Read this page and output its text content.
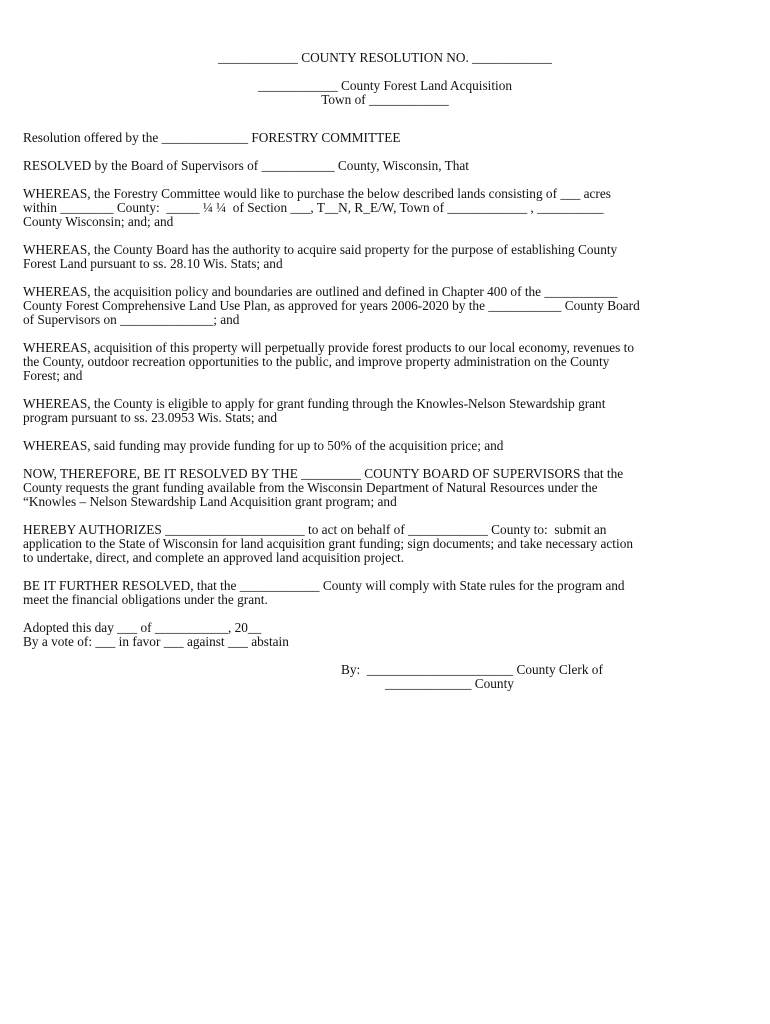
____________ COUNTY RESOLUTION NO. ____________
____________ County Forest Land Acquisition
Town of ____________
Resolution offered by the _____________ FORESTRY COMMITTEE
RESOLVED by the Board of Supervisors of ___________ County, Wisconsin, That
WHEREAS, the Forestry Committee would like to purchase the below described lands consisting of ___ acres
within ________ County:  _____ ¼ ¼  of Section ___, T__N, R_E/W, Town of ____________ , __________
County Wisconsin; and; and
WHEREAS, the County Board has the authority to acquire said property for the purpose of establishing County
Forest Land pursuant to ss. 28.10 Wis. Stats; and
WHEREAS, the acquisition policy and boundaries are outlined and defined in Chapter 400 of the ___________
County Forest Comprehensive Land Use Plan, as approved for years 2006-2020 by the ___________ County Board
of Supervisors on ______________; and
WHEREAS, acquisition of this property will perpetually provide forest products to our local economy, revenues to
the County, outdoor recreation opportunities to the public, and improve property administration on the County
Forest; and
WHEREAS, the County is eligible to apply for grant funding through the Knowles-Nelson Stewardship grant
program pursuant to ss. 23.0953 Wis. Stats; and
WHEREAS, said funding may provide funding for up to 50% of the acquisition price; and
NOW, THEREFORE, BE IT RESOLVED BY THE _________ COUNTY BOARD OF SUPERVISORS that the
County requests the grant funding available from the Wisconsin Department of Natural Resources under the
“Knowles – Nelson Stewardship Land Acquisition grant program; and
HEREBY AUTHORIZES _____________________ to act on behalf of ____________ County to:  submit an
application to the State of Wisconsin for land acquisition grant funding; sign documents; and take necessary action
to undertake, direct, and complete an approved land acquisition project.
BE IT FURTHER RESOLVED, that the ____________ County will comply with State rules for the program and
meet the financial obligations under the grant.
Adopted this day ___ of ___________, 20__
By a vote of: ___ in favor ___ against ___ abstain
By:  ______________________ County Clerk of
_____________ County
